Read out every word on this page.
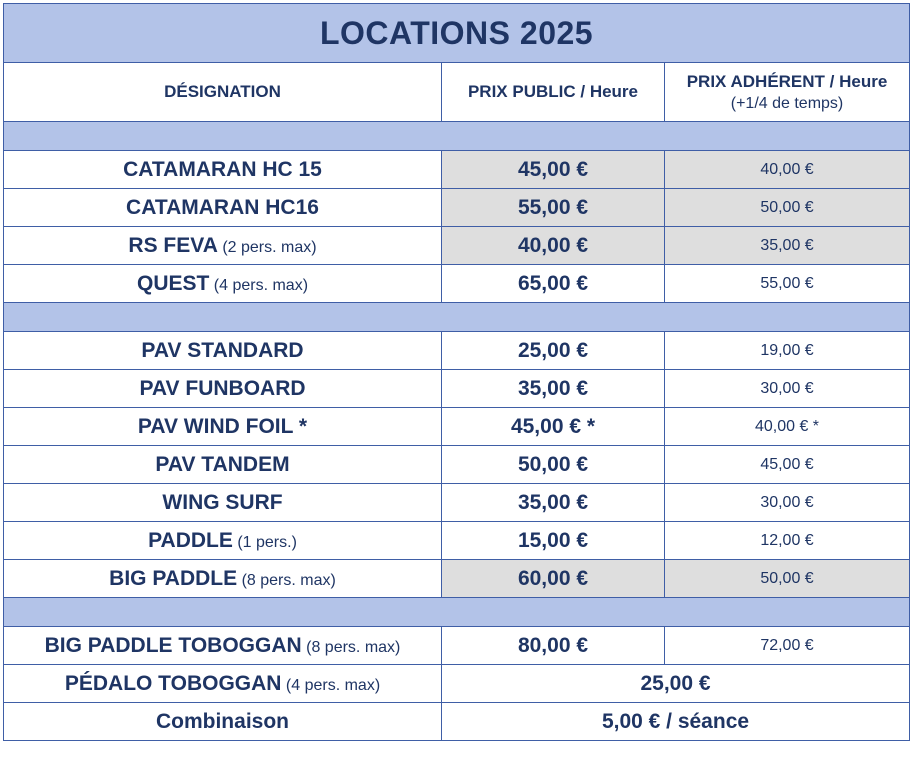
LOCATIONS 2025		
DÉSIGNATION	PRIX PUBLIC / Heure	PRIX ADHÉRENT / Heure
(+1/4 de temps)

CATAMARAN HC 15	45,00 €	40,00 €
CATAMARAN HC16	55,00 €	50,00 €
RS FEVA (2 pers. max)	40,00 €	35,00 €
QUEST (4 pers. max)	65,00 €	55,00 €

PAV STANDARD	25,00 €	19,00 €
PAV FUNBOARD	35,00 €	30,00 €
PAV WIND FOIL *	45,00 € *	40,00 € *
PAV TANDEM	50,00 €	45,00 €
WING SURF	35,00 €	30,00 €
PADDLE (1 pers.)	15,00 €	12,00 €
BIG PADDLE (8 pers. max)	60,00 €	50,00 €

BIG PADDLE TOBOGGAN (8 pers. max)	80,00 €	72,00 €
PÉDALO TOBOGGAN (4 pers. max)	25,00 €	
Combinaison	5,00 € / séance	
